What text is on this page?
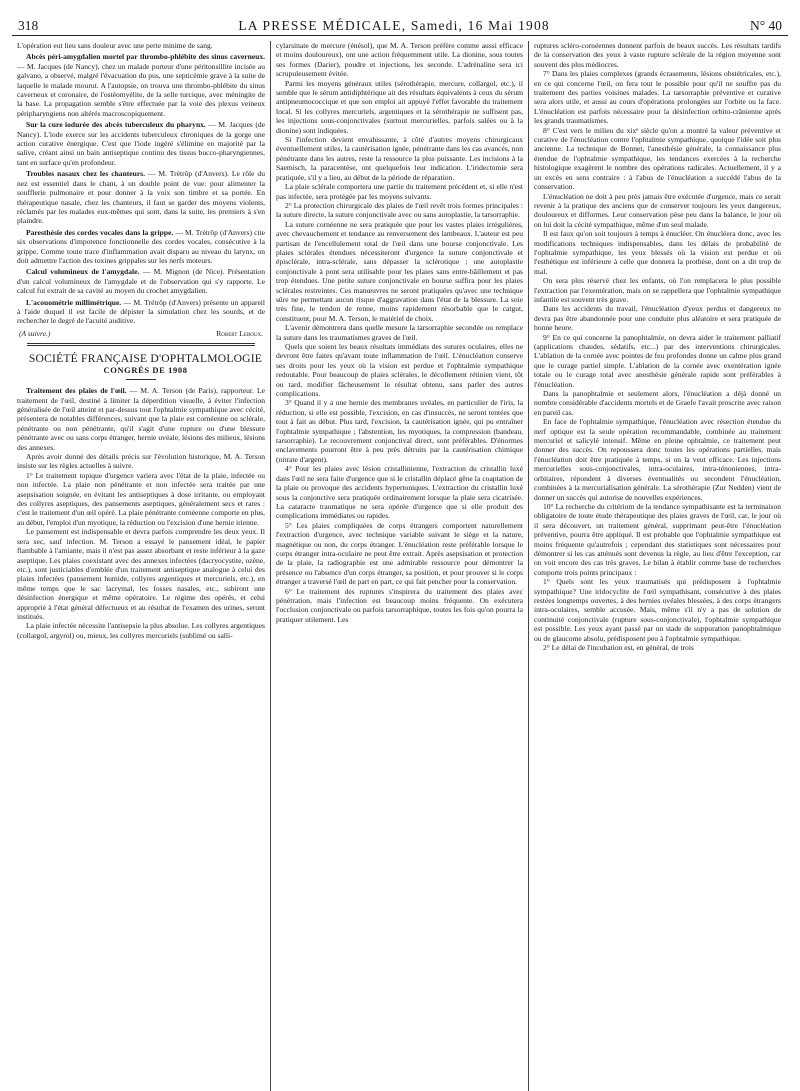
318	LA PRESSE MÉDICALE, Samedi, 16 Mai 1908	N° 40

L'opération eut lieu sans douleur avec une perte minime de sang.

Abcès péri-amygdalien mortel par thrombo-phlébite des sinus caverneux. — M. Jacques (de Nancy), chez un malade porteur d'une péritonsillite incisée au galvano, a observé, malgré l'évacuation du pus, une septicémie grave à la suite de laquelle le malade mourut. A l'autopsie, on trouva une thrombo-phlébite du sinus caverneux et coronaire, de l'ostéomyélite, de la selle turcique, avec méningite de la base. La propagation semble s'être effectuée par la voie des plexus veineux péripharyngiens non altérés macroscopiquement.

Sur la cure iodurée des abcès tuberculeux du pharynx. — M. Jacques (de Nancy). L'iode exerce sur les accidents tuberculeux chroniques de la gorge une action curative énergique. C'est que l'iode ingéré s'élimine en majorité par la salive, créant ainsi un bain antiseptique continu des tissus bucco-pharyngiennes, tant en surface qu'en profondeur.

Troubles nasaux chez les chanteurs. — M. Trétrôp (d'Anvers). Le rôle du nez est essentiel dans le chant, à un double point de vue: pour alimenter la soufflerie pulmonaire et pour donner à la voix son timbre et sa portée. En thérapeutique nasale, chez les chanteurs, il faut se garder des moyens violents, réclamés par les malades eux-mêmes qui sont, dans la suite, les premiers à s'en plaindre.

Paresthésie des cordes vocales dans la grippe. — M. Trétrôp (d'Anvers) cite six observations d'impotence fonctionnelle des cordes vocales, consécutive à la grippe. Comme toute trace d'inflammation avait disparu au niveau du larynx, on doit admettre l'action des toxines grippales sur les nerfs moteurs.

Calcul volumineux de l'amygdale. — M. Mignon (de Nice). Présentation d'un calcul volumineux de l'amygdale et de l'observation qui s'y rapporte. Le calcul fut extrait de sa cavité au moyen du crochet amygdalien.

L'acouométrie millimétrique. — M. Trétrôp (d'Anvers) présente un appareil à l'aide duquel il est facile de dépister la simulation chez les sourds, et de rechercher le degré de l'acuité auditive.

(A suivre.)	Robert Leroux.

SOCIÉTÉ FRANÇAISE D'OPHTALMOLOGIE

CONGRÈS DE 1908

Traitement des plaies de l'œil. — M. A. Terson (de Paris), rapporteur. Le traitement de l'œil, destiné à limiter la déperdition visuelle, à éviter l'infection généralisée de l'œil atteint et par-dessus tout l'ophtalmie sympathique avec cécité, présentera de notables différences, suivant que la plaie est cornéenne ou scléralе, pénétrante ou non pénétrante, qu'il s'agit d'une rupture ou d'une blessure pénétrante avec ou sans corps étranger, hernie uvéale, lésions des milieux, lésions des annexes.

Après avoir donné des détails précis sur l'évolution historique, M. A. Terson insiste sur les règles actuelles à suivre.

1° Le traitement topique d'urgence variera avec l'état de la plaie, infectée ou non infectée. La plaie non pénétrante et non infectée sera traitée par une asepsisation soignée, en évitant les antiseptiques à dose irritante, ou employant des collyres aseptiques, des pansements aseptiques, généralement secs et rares : c'est le traitement d'un œil opéré. La plaie pénétrante cornéenne comporte en plus, au début, l'emploi d'un myotique, la réduction ou l'excision d'une hernie irienne.

Le pansement est indispensable et devra parfois comprendre les deux yeux. Il sera sec, sauf infection. M. Terson a essayé le pansement idéal, le papier flambable à l'amiante, mais il n'est pas assez absorbant et reste inférieur à la gaze aseptique. Les plaies coexistant avec des annexes infectées (dacryocystite, ozène, etc.), sont justiciables d'emblée d'un traitement antiseptique analogue à celui des plaies infectées (pansement humide, collyres argentiques et mercuriels, etc.), en même temps que le sac lacrymal, les fosses nasales, etc., subiront une désinfection énergique et même opératoire. Le régime des opérés, et celui approprié à l'état général défectueux et au résultat de l'examen des urines, seront institués.

La plaie infectée nécessite l'antisepsie la plus absolue. Les collyres argentiques (collargol, argyrol) ou, mieux, les collyres mercuriels (sublimé ou salli-

cylarsinate de mercure (énésol), que M. A. Terson préfère comme aussi efficace et moins douloureux), ont une action fréquemment utile. La dionine, sous toutes ses formes (Darier), poudre et injections, les seconde. L'adrénaline sera ici scrupuleusement évitée.

Parmi les moyens généraux utiles (sérothérapie, mercure, collargol, etc.), il semble que le sérum antidiphtérique ait des résultats équivalents à ceux du sérum antipneumococcique et que son emploi ait appuyé l'effet favorable du traitement local. Si les collyres mercuriels, argentiques et la sérothérapie ne suffisent pas, les injections sous-conjonctivales (surtout mercurielles, parfois salées ou à la dionine) sont indiquées.

Si l'infection devient envahissante, à côté d'autres moyens chirurgicaux éventuellement utiles, la cautérisation ignée, pénétrante dans les cas avancés, non pénétrante dans les autres, reste la ressource la plus puissante. Les incisions à la Saemisch, la paracentèse, ont quelquefois leur indication. L'iridectomie sera pratiquée, s'il y a lieu, au début de la période de réparation.

La plaie sclérale comportera une partie du traitement précédent et, si elle n'est pas infectée, sera protégée par les moyens suivants.

2° La protection chirurgicale des plaies de l'œil revêt trois formes principales : la suture directe, la suture conjonctivale avec ou sans autoplastie, la tarsorraphie.

La suture cornéenne ne sera pratiquée que pour les vastes plaies irrégulières, avec chevauchement et tendance au renversement des lambeaux. L'auteur est peu partisan de l'encellulement total de l'œil dans une bourse conjonctivale. Les plaies sclérales étendues nécessiteront d'urgence la suture conjonctivale et épisclérale, intra-sclérale, sans dépasser la sclérotique ; une autoplastie conjonctivale à pont sera utilisable pour les plaies sans entre-bâillement et pas trop étendues. Une petite suture conjonctivale en bourse suffira pour les plaies sclérales restreintes. Ces manœuvres ne seront pratiquées qu'avec une technique sûre ne permettant aucun risque d'aggravation dans l'état de la blessure. La soie très fine, le tendon de renne, moins rapidement résorbable que le catgut, constituent, pour M. A. Terson, le matériel de choix.

L'avenir démontrera dans quelle mesure la tarsorraphie secondée ou remplace la suture dans les traumatismes graves de l'œil.

Quels que soient les beaux résultats immédiats des sutures oculaires, elles ne devront être faites qu'avant toute inflammation de l'œil. L'énucléation conserve ses droits pour les yeux où la vision est perdue et l'ophtalmie sympathique redoutable. Pour beaucoup de plaies sclérales, le décollement rétinien vient, tôt ou tard, modifier fâcheusement le résultat obtenu, sans parler des autres complications.

3° Quand il y a une hernie des membranes uvéales, en particulier de l'iris, la réduction, si elle est possible, l'excision, en cas d'insuccès, ne seront tentées que tout à fait au début. Plus tard, l'excision, la cautérisation ignée, qui pu entraîner l'ophtalmie sympathique ; l'abstention, les myotiques, la compression (bandeau, tarsorraphie). Le recouvrement conjonctival direct, sont préférables. D'énormes enclavements pourront être à peu près détruits par la cautérisation chimique (nitrate d'argent).

4° Pour les plaies avec lésion cristallinienne, l'extraction du cristallin luxé dans l'œil ne sera faite d'urgence que si le cristallin déplacé gêne la coaptation de la plaie ou provoque des accidents hypertoniques. L'extraction du cristallin luxé sous la conjonctive sera pratiquée ordinairement lorsque la plaie sera cicatrisée. La cataracte traumatique ne sera opérée d'urgence que si elle produit des complications immédiates ou rapides.

5° Les plaies compliquées de corps étrangers comportent naturellement l'extraction d'urgence, avec technique variable suivant le siège et la nature, magnétique ou non, du corps étranger. L'énucléation reste préférable lorsque le corps étranger intra-oculaire ne peut être extrait. Après asepsisation et protection de la plaie, la radiographie est une admirable ressource pour démontrer la présence ou l'absence d'un corps étranger, sa position, et pour prouver si le corps étranger a traversé l'œil de part en part, ce qui fait pencher pour la conservation.

6° Le traitement des ruptures s'inspirera du traitement des plaies avec pénétration, mais l'infection est beaucoup moins fréquente. On exécutera l'occlusion conjonctivale ou parfois tarsorraphique, toutes les fois qu'on pourra la pratiquer utilement. Les

ruptures scléro-cornéennes donnent parfois de beaux succès. Les résultats tardifs de la conservation des yeux à vaste rupture sclérale de la région moyenne sont souvent des plus médiocres.

7° Dans les plaies complexes (grands écrasements, lésions obstétricales, etc.), en ce qui concerne l'œil, on fera tout le possible pour qu'il ne souffre pas du traitement des parties voisines malades. La tarsorraphie préventive et curative sera alors utile, et aussi au cours d'opérations prolongées sur l'orbite ou la face. L'énucléation est parfois nécessaire pour la désinfection orbito-crânienne après les grands traumatismes.

8° C'est vers le milieu du xixᵉ siècle qu'on a montré la valeur préventive et curative de l'énucléation contre l'ophtalmie sympathique, quoique l'idée soit plus ancienne. La technique de Bonnet, l'anesthésie générale, la connaissance plus étendue de l'ophtalmie sympathique, les tendances exercées à la recherche histologique exagèrent le nombre des opérations radicales. Actuellement, il y a un excès en sens contraire : à l'abus de l'énucléation a succédé l'abus de la conservation.

L'énucléation ne doit à peu près jamais être exécutée d'urgence, mais ce serait revenir à la pratique des anciens que de conserver toujours les yeux dangereux, douloureux et difformes. Leur conservation pèse peu dans la balance, le jour où on lui doit la cécité sympathique, même d'un seul malade.

Il est faux qu'on soit toujours à temps à énucléer. On énucléera donc, avec les modifications techniques indispensables, dans les délais de probabilité de l'ophtalmie sympathique, les yeux blessés où la vision est perdue et où l'esthétique est inférieure à celle que donnera la prothèse, dont on a dit trop de mal.

On sera plus réservé chez les enfants, où l'on remplacera le plus possible l'extraction par l'exentération, mais on se rappellera que l'ophtalmie sympathique infantile est souvent très grave.

Dans les accidents du travail, l'énucléation d'yeux perdus et dangereux ne devra pas être abandonnée pour une conduite plus aléatoire et sera pratiquée de bonne heure.

9° En ce qui concerne la panophtalmie, on devra aider le traitement palliatif (applications chaudes, sédatifs, etc...) par des interventions chirurgicales. L'ablation de la cornée avec pointes de feu profondes donne un calme plus grand que le curage partiel simple. L'ablation de la cornée avec exentération ignée totale ou le curage total avec anesthésie générale rapide sont préférables à l'énucléation.

Dans la panophtalmie et seulement alors, l'énucléation a déjà donné un nombre considérable d'accidents mortels et de Graefe l'avait proscrite avec raison en pareil cas.

En face de l'ophtalmie sympathique, l'énucléation avec résection étendue du nerf optique est la seule opération recommandable, combinée au traitement mercuriel et salicylé intensif. Même en pleine ophtalmie, ce traitement peut donner des succès. On repoussera donc toutes les opérations partielles, mais l'énucléation doit être pratiquée à temps, si on la veut efficace. Les injections mercurielles sous-conjonctivales, intra-oculaires, intra-ténoniennes, intra-orbitaires, répondent à diverses éventualités ou secondent l'énucléation, combinées à la mercurialisation générale. La sérothérapie (Zur Nedden) vient de donner un succès qui autorise de nouvelles expériences.

10° La recherche du critérium de la tendance sympathisante est la terminaison obligatoire de toute étude thérapeutique des plaies graves de l'œil, car, le jour où il sera découvert, un traitement général, supprimant peut-être l'énucléation préventive, pourra être appliqué. Il est probable que l'ophtalmie sympathique est moins fréquente qu'autrefois ; cependant des statistiques sont nécessaires pour démontrer si les cas atténués sont devenus la règle, au lieu d'être l'exception, car on voit encore des cas très graves. Le bilan à établir comme base de recherches comporte trois points principaux :

1° Quels sont les yeux traumatisés qui prédisposent à l'ophtalmie sympathique? Une iridocyclite de l'œil sympathisant, consécutive à des plaies restées longtemps ouvertes, à des hernies uvéales blessées, à des corps étrangers intra-oculaires, semble accusée. Mais, même s'il n'y a pas de solution de continuité conjonctivale (rupture sous-conjonctivale), l'ophtalmie sympathique est possible. Les yeux ayant passé par un stade de suppuration panophtalmique ou de glaucome absolu, prédisposent peu à l'ophtalmie sympathique.

2° Le délai de l'incubation est, en général, de trois
